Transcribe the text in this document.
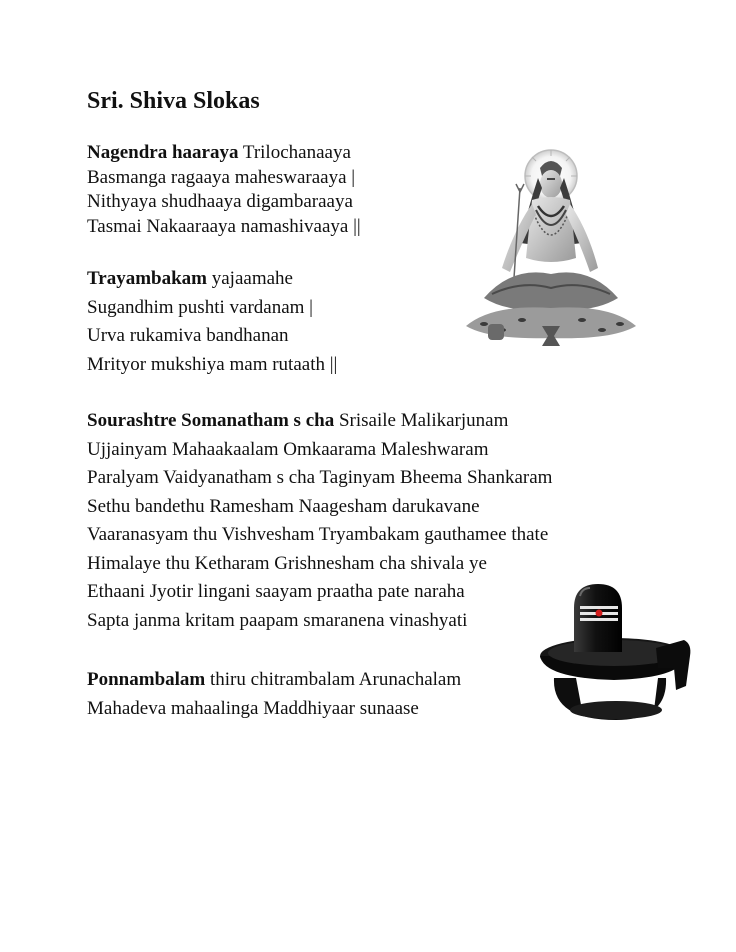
Sri. Shiva Slokas
Nagendra haaraya Trilochanaaya
Basmanga ragaaya maheswaraaya |
Nithyaya shudhaaya digambaraaya
Tasmai Nakaaraaya namashivaaya ||
Trayambakam yajaamahe
Sugandhim pushti vardanam |
Urva rukamiva bandhanan
Mrityor mukshiya mam rutaath ||
Sourashtre Somanatham s cha Srisaile Malikarjunam
Ujjainyam Mahaakaalam Omkaarama Maleshwaram
Paralyam Vaidyanatham s cha Taginyam Bheema Shankaram
Sethu bandethu Ramesham Naagesham darukavane
Vaaranasyam thu Vishvesham Tryambakam gauthamee thate
Himalaye thu Ketharam Grishnesham cha shivala ye
Ethaani Jyotir lingani saayam praatha pate naraha
Sapta janma kritam paapam smaranena vinashyati
Ponnambalam thiru chitrambalam Arunachalam
Mahadeva mahaalinga Maddhiyaar sunaase
